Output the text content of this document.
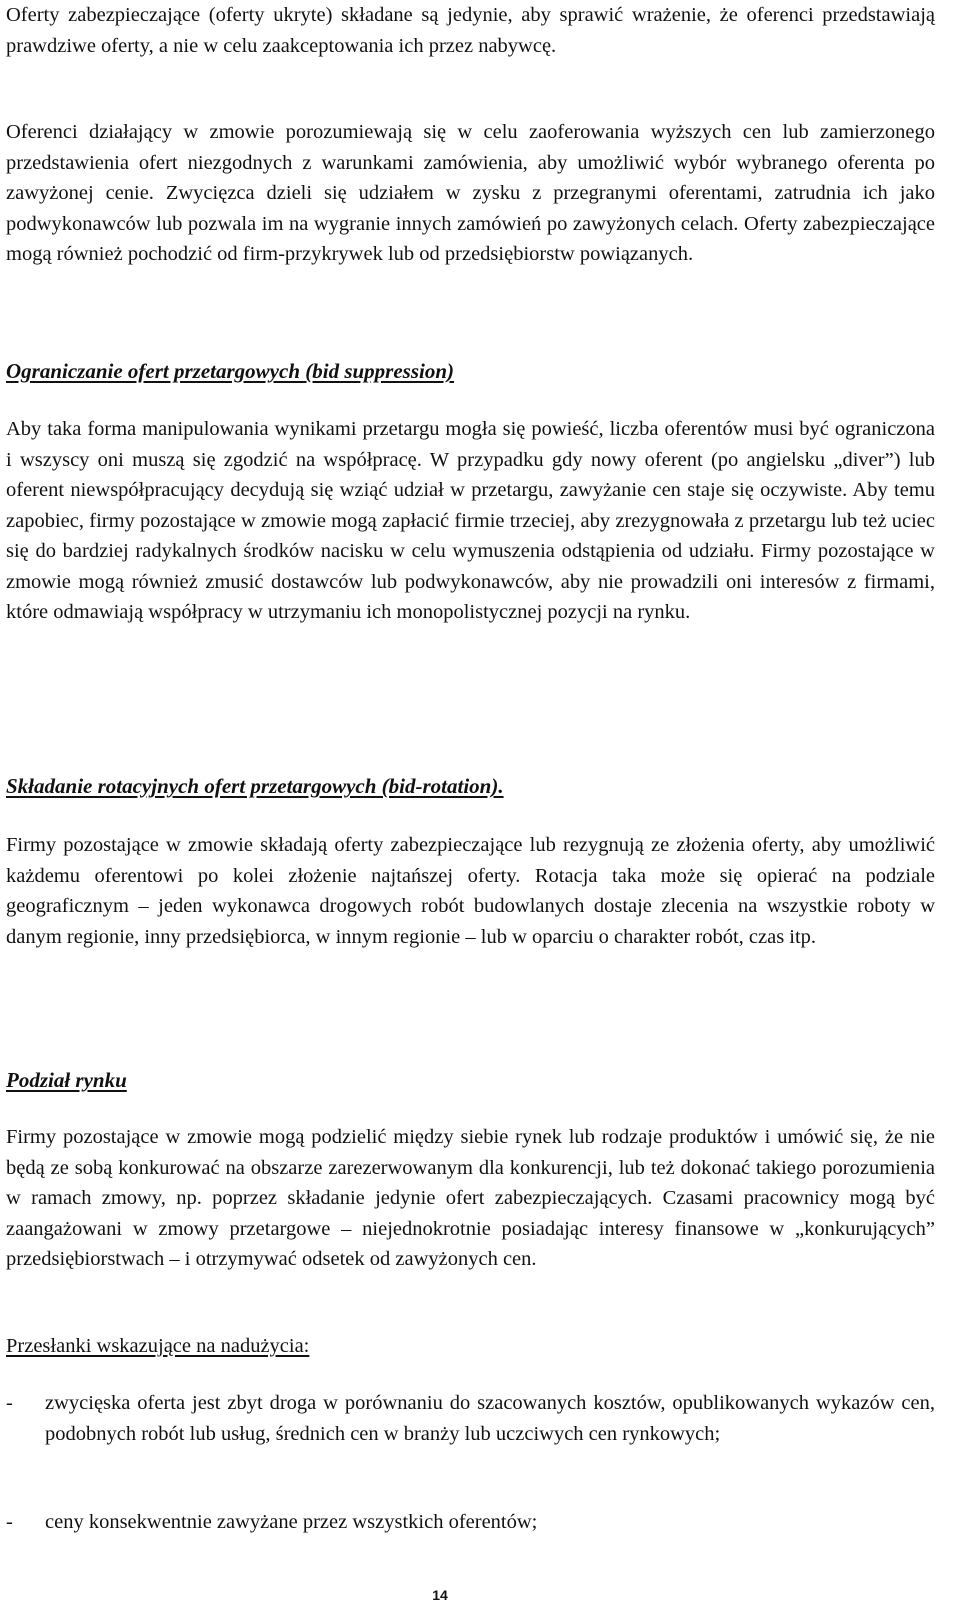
Oferty zabezpieczające (oferty ukryte) składane są jedynie, aby sprawić wrażenie, że oferenci przedstawiają prawdziwe oferty, a nie w celu zaakceptowania ich przez nabywcę.

Oferenci działający w zmowie porozumiewają się w celu zaoferowania wyższych cen lub zamierzonego przedstawienia ofert niezgodnych z warunkami zamówienia, aby umożliwić wybór wybranego oferenta po zawyżonej cenie. Zwycięzca dzieli się udziałem w zysku z przegranymi oferentami, zatrudnia ich jako podwykonawców lub pozwala im na wygranie innych zamówień po zawyżonych celach. Oferty zabezpieczające mogą również pochodzić od firm-przykrywek lub od przedsiębiorstw powiązanych.

Ograniczanie ofert przetargowych (bid suppression)

Aby taka forma manipulowania wynikami przetargu mogła się powieść, liczba oferentów musi być ograniczona i wszyscy oni muszą się zgodzić na współpracę. W przypadku gdy nowy oferent (po angielsku „diver”) lub oferent niewspółpracujący decydują się wziąć udział w przetargu, zawyżanie cen staje się oczywiste. Aby temu zapobiec, firmy pozostające w zmowie mogą zapłacić firmie trzeciej, aby zrezygnowała z przetargu lub też uciec się do bardziej radykalnych środków nacisku w celu wymuszenia odstąpienia od udziału. Firmy pozostające w zmowie mogą również zmusić dostawców lub podwykonawców, aby nie prowadzili oni interesów z firmami, które odmawiają współpracy w utrzymaniu ich monopolistycznej pozycji na rynku.

Składanie rotacyjnych ofert przetargowych (bid-rotation).

Firmy pozostające w zmowie składają oferty zabezpieczające lub rezygnują ze złożenia oferty, aby umożliwić każdemu oferentowi po kolei złożenie najtańszej oferty. Rotacja taka może się opierać na podziale geograficznym – jeden wykonawca drogowych robót budowlanych dostaje zlecenia na wszystkie roboty w danym regionie, inny przedsiębiorca, w innym regionie – lub w oparciu o charakter robót, czas itp.

Podział rynku

Firmy pozostające w zmowie mogą podzielić między siebie rynek lub rodzaje produktów i umówić się, że nie będą ze sobą konkurować na obszarze zarezerwowanym dla konkurencji, lub też dokonać takiego porozumienia w ramach zmowy, np. poprzez składanie jedynie ofert zabezpieczających. Czasami pracownicy mogą być zaangażowani w zmowy przetargowe – niejednokrotnie posiadając interesy finansowe w „konkurujących” przedsiębiorstwach – i otrzymywać odsetek od zawyżonych cen.

Przesłanki wskazujące na nadużycia:
- zwycięska oferta jest zbyt droga w porównaniu do szacowanych kosztów, opublikowanych wykazów cen, podobnych robót lub usług, średnich cen w branży lub uczciwych cen rynkowych;

- ceny konsekwentnie zawyżane przez wszystkich oferentów;

14
